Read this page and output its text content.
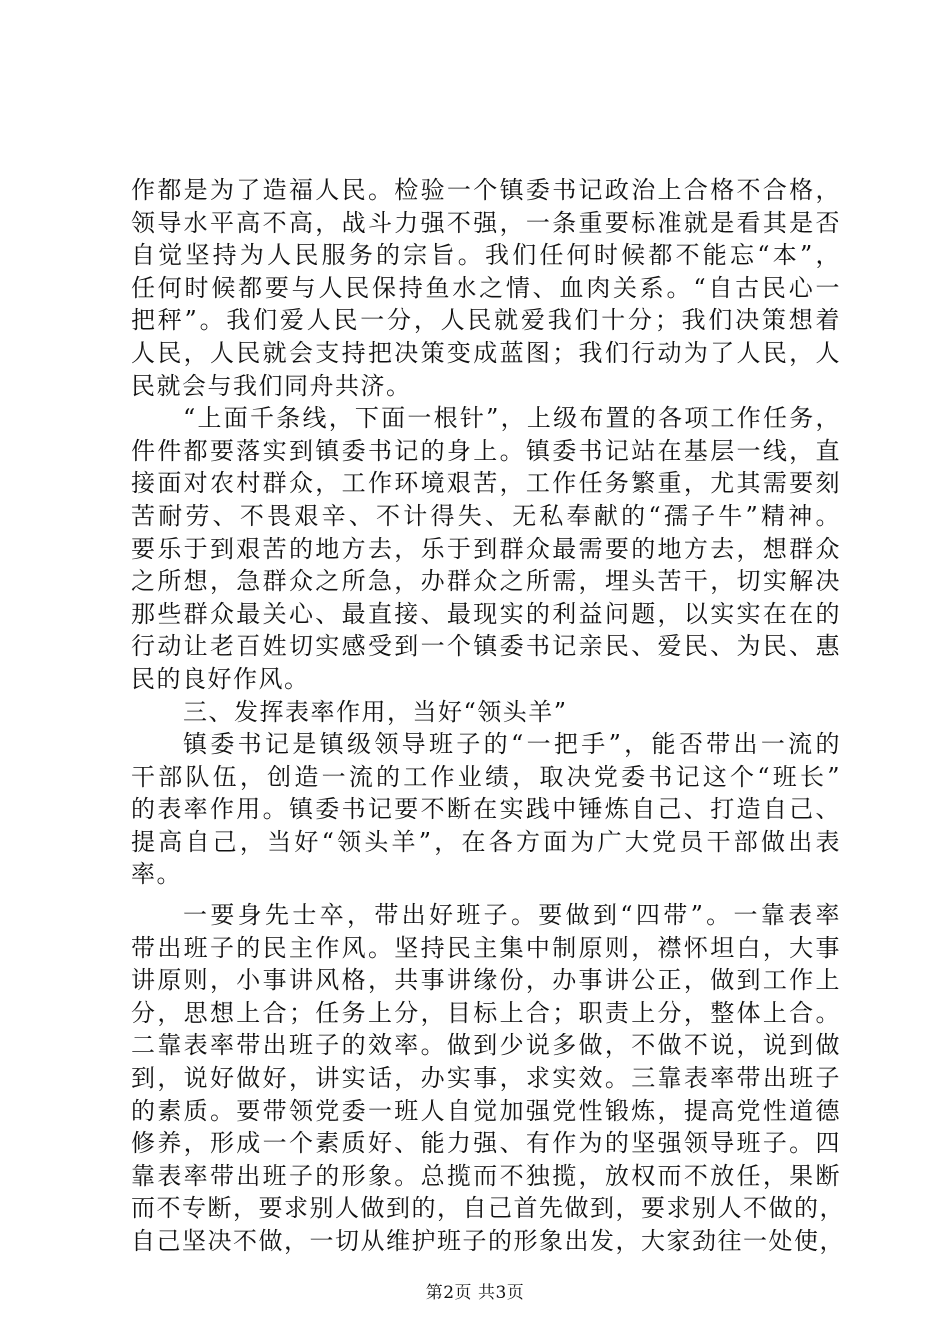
作都是为了造福人民。检验一个镇委书记政治上合格不合格，
领导水平高不高，战斗力强不强，一条重要标准就是看其是否
自觉坚持为人民服务的宗旨。我们任何时候都不能忘“本”，
任何时候都要与人民保持鱼水之情、血肉关系。“自古民心一
把秤”。我们爱人民一分，人民就爱我们十分；我们决策想着
人民，人民就会支持把决策变成蓝图；我们行动为了人民，人
民就会与我们同舟共济。
“上面千条线，下面一根针”，上级布置的各项工作任务，
件件都要落实到镇委书记的身上。镇委书记站在基层一线，直
接面对农村群众，工作环境艰苦，工作任务繁重，尤其需要刻
苦耐劳、不畏艰辛、不计得失、无私奉献的“孺子牛”精神。
要乐于到艰苦的地方去，乐于到群众最需要的地方去，想群众
之所想，急群众之所急，办群众之所需，埋头苦干，切实解决
那些群众最关心、最直接、最现实的利益问题，以实实在在的
行动让老百姓切实感受到一个镇委书记亲民、爱民、为民、惠
民的良好作风。
三、发挥表率作用，当好“领头羊”
镇委书记是镇级领导班子的“一把手”，能否带出一流的
干部队伍，创造一流的工作业绩，取决党委书记这个“班长”
的表率作用。镇委书记要不断在实践中锤炼自己、打造自己、
提高自己，当好“领头羊”，在各方面为广大党员干部做出表
率。
一要身先士卒，带出好班子。要做到“四带”。一靠表率
带出班子的民主作风。坚持民主集中制原则，襟怀坦白，大事
讲原则，小事讲风格，共事讲缘份，办事讲公正，做到工作上
分，思想上合；任务上分，目标上合；职责上分，整体上合。
二靠表率带出班子的效率。做到少说多做，不做不说，说到做
到，说好做好，讲实话，办实事，求实效。三靠表率带出班子
的素质。要带领党委一班人自觉加强党性锻炼，提高党性道德
修养，形成一个素质好、能力强、有作为的坚强领导班子。四
靠表率带出班子的形象。总揽而不独揽，放权而不放任，果断
而不专断，要求别人做到的，自己首先做到，要求别人不做的，
自己坚决不做，一切从维护班子的形象出发，大家劲往一处使，
第2页 共3页
